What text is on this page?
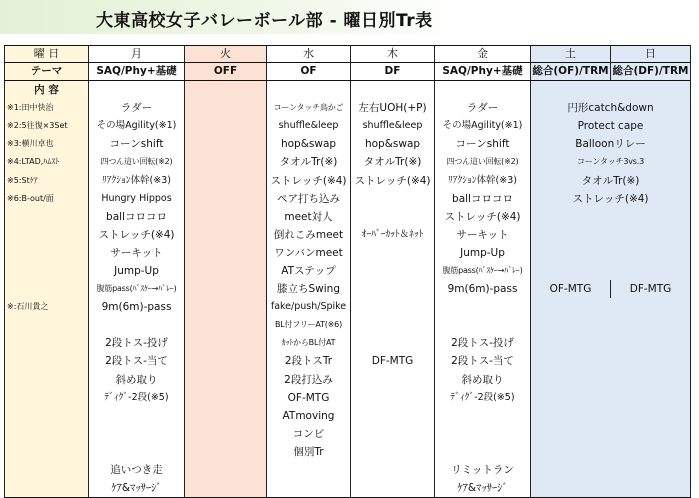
大東高校女子バレーボール部 - 曜日別Tr表
曜 日	月	火	水	木	金	土	日
テーマ	SAQ/Phy+基礎	OFF	OF	DF	SAQ/Phy+基礎	総合(OF)/TRM	総合(DF)/TRM
内 容							
※1:田中快治	ラダー		コーンタッチ鳥かご	左右UOH(+P)	ラダー	円形catch&down	
※2:5往復×3Set	その場Agility(※1)		shuffle&leep	shuffle&leep	その場Agility(※1)	Protect cape	
※3:横川卓也	コーンshift		hop&swap	hop&swap	コーンshift	Balloonリレー	
※4:LTAD,ﾊﾑｽﾄ	四つん這い回転(※2)		タオルTr(※)	タオルTr(※)	四つん這い回転(※2)	コーンタッチ3vs.3	
※5:Stｹｱ	ﾘｱｸｼｮﾝ体幹(※3)		ストレッチ(※4)	ストレッチ(※4)	ﾘｱｸｼｮﾝ体幹(※3)	タオルTr(※)	
※6:B-out/面	Hungry Hippos		ペア打ち込み		ballコロコロ	ストレッチ(※4)	
	ballコロコロ		meet対人		ストレッチ(※4)		
	ストレッチ(※4)		倒れこみmeet	ｵｰﾊﾞｰｶｯﾄ＆ﾈｯﾄ	サーキット		
	サーキット		ワンバンmeet		Jump-Up		
	Jump-Up		ATステップ		腹筋pass(ﾊﾞｽｹｰ→ﾊﾞﾚｰ)		
	腹筋pass(ﾊﾞｽｹｰ→ﾊﾞﾚｰ)		膝立ちSwing		9m(6m)-pass	OF-MTG	DF-MTG
※:石川貴之	9m(6m)-pass		fake/push/Spike				
			BL付フリーAT(※6)				
	2段トス-投げ		ｶｯﾄからBL付AT		2段トス-投げ		
	2段トス-当て		2段トスTr	DF-MTG	2段トス-当て		
	斜め取り		2段打込み		斜め取り		
	ﾃﾞｨｸﾞ-2段(※5)		OF-MTG		ﾃﾞｨｸﾞ-2段(※5)		
			ATmoving				
			コンビ				
			個別Tr				
	追いつき走				リミットラン		
	ｹｱ&ﾏｯｻｰｼﾞ				ｹｱ&ﾏｯｻｰｼﾞ		
